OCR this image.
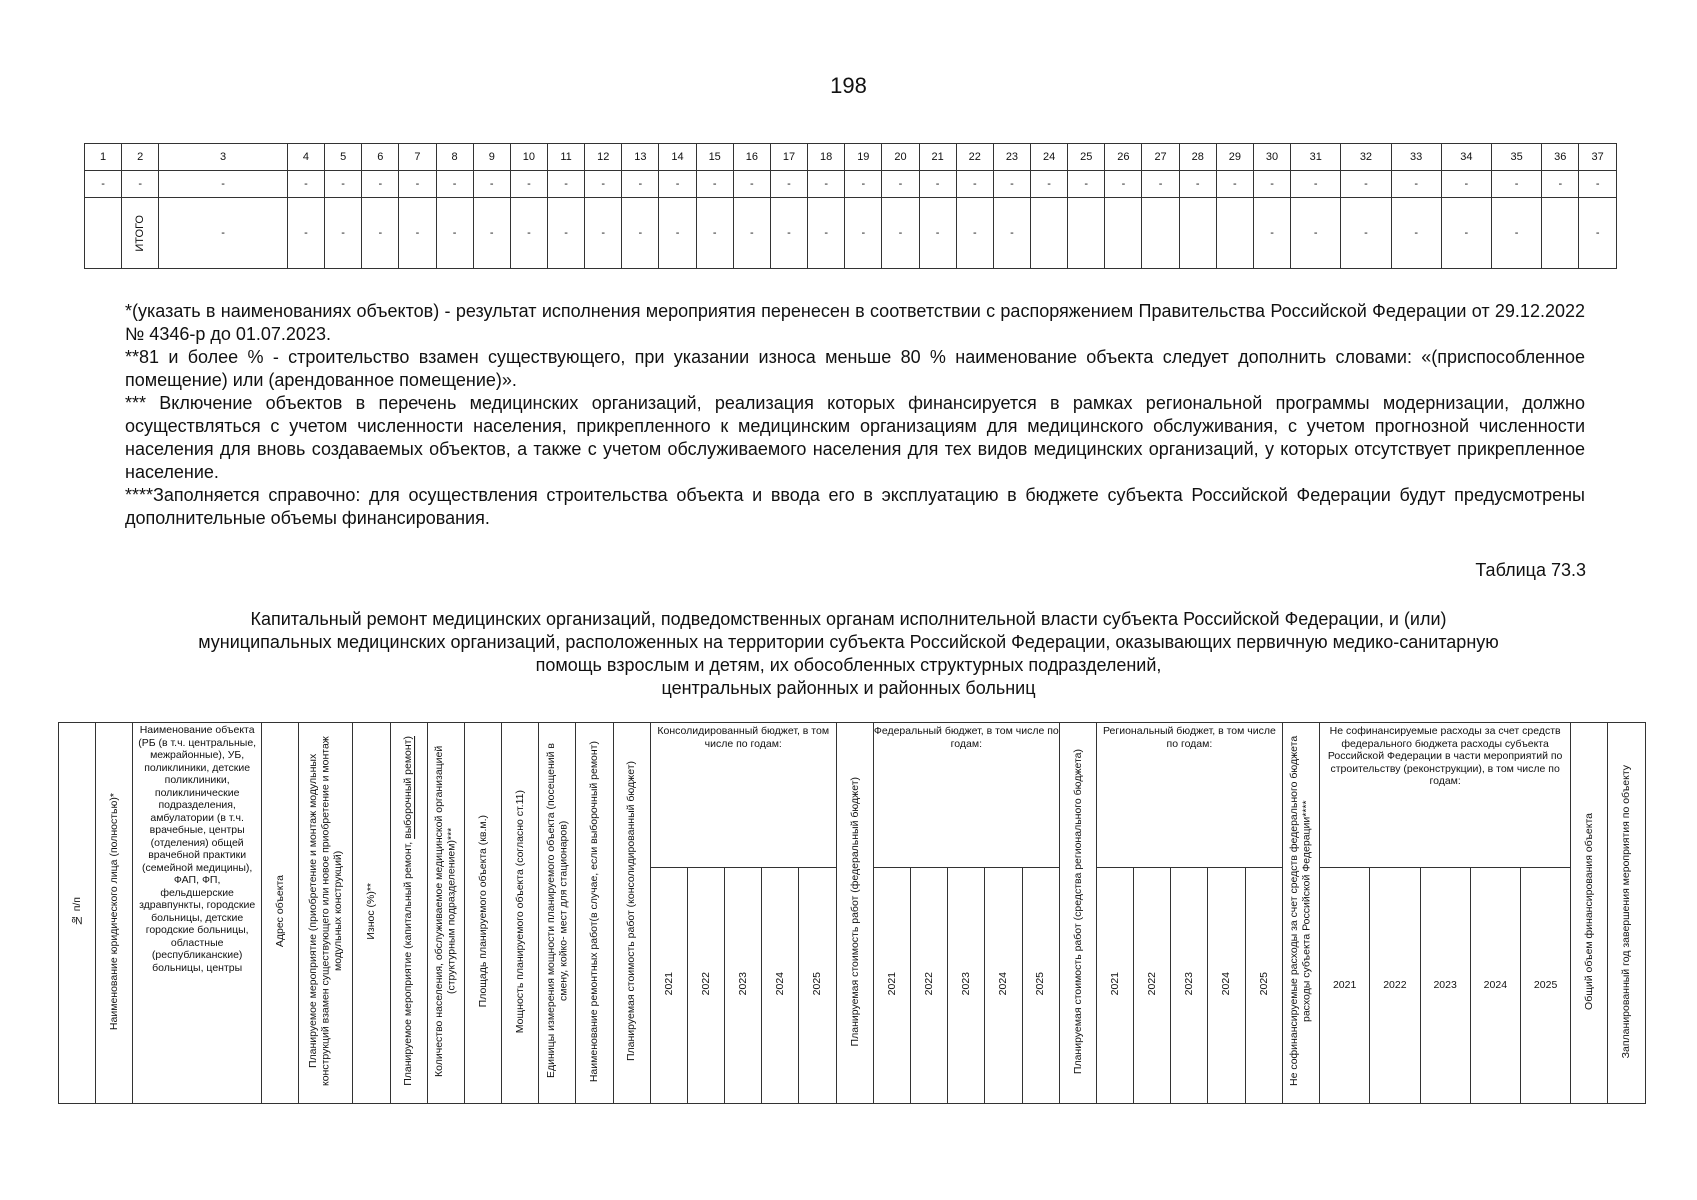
198
1	2	3	4	5	6	7	8	9	10	11	12	13	14	15	16	17	18	19	20	21	22	23	24	25	26	27	28	29	30	31	32	33	34	35	36	37
-	-	-	-	-	-	-	-	-	-	-	-	-	-	-	-	-	-	-	-	-	-	-	-	-	-	-	-	-	-	-	-	-	-	-	-	-

	ИТОГО	-	-	-	-	-	-	-	-	-	-	-	-	-	-	-	-	-	-	-	-	-							-	-	-	-	-	-		-

*(указать в наименованиях объектов) - результат исполнения мероприятия перенесен в соответствии с распоряжением Правительства Российской Федерации от 29.12.2022 № 4346-р до 01.07.2023.

**81 и более % - строительство взамен существующего, при указании износа меньше 80 % наименование объекта следует дополнить словами: «(приспособленное помещение) или (арендованное помещение)».

*** Включение объектов в перечень медицинских организаций, реализация которых финансируется в рамках региональной программы модернизации, должно осуществляться с учетом численности населения, прикрепленного к медицинским организациям для медицинского обслуживания, с учетом прогнозной численности населения для вновь создаваемых объектов, а также с учетом обслуживаемого населения для тех видов медицинских организаций, у которых отсутствует прикрепленное население.

****Заполняется справочно: для осуществления строительства объекта и ввода его в эксплуатацию в бюджете субъекта Российской Федерации будут предусмотрены дополнительные объемы финансирования.

Таблица 73.3
Капитальный ремонт медицинских организаций, подведомственных органам исполнительной власти субъекта Российской Федерации, и (или)
муниципальных медицинских организаций, расположенных на территории субъекта Российской Федерации, оказывающих первичную медико-санитарную
помощь взрослым и детям, их обособленных структурных подразделений,
центральных районных и районных больниц
№ п/п	Наименование юридического лица (полностью)*	Наименование объекта (РБ (в т.ч. центральные, межрайонные), УБ, поликлиники, детские поликлиники, поликлинические подразделения, амбулатории (в т.ч. врачебные, центры (отделения) общей врачебной практики (семейной медицины), ФАП, ФП, фельдшерские здравпункты, городские больницы, детские городские больницы, областные (республиканские) больницы, центры	Адрес объекта	Планируемое мероприятие (приобретение и монтаж модульных конструкций взамен существующего или новое приобретение и монтаж модульных конструкций)	Износ (%)**	Планируемое мероприятие (капитальный ремонт, выборочный ремонт)	Количество населения, обслуживаемое медицинской организацией (структурным подразделением)***	Площадь планируемого объекта (кв.м.)	Мощность планируемого объекта (согласно ст.11)	Единицы измерения мощности планируемого объекта (посещений в смену, койко- мест для стационаров)	Наименование ремонтных работ(в случае, если выборочный ремонт)	Планируемая стоимость работ (консолидированный бюджет)	Консолидированный бюджет, в том числе по годам:					Планируемая стоимость работ (федеральный бюджет)	Федеральный бюджет, в том числе по годам:					Планируемая стоимость работ (средства регионального бюджета)	Региональный бюджет, в том числе по годам:					Не софинансируемые расходы за счет средств федерального бюджета расходы субъекта Российской Федерации****	Не софинансируемые расходы за счет средств федерального бюджета расходы субъекта Российской Федерации в части мероприятий по строительству (реконструкции), в том числе по годам:					Общий объем финансирования объекта	Запланированный год завершения мероприятия по объекту
													2021	2022	2023	2024	2025		2021	2022	2023	2024	2025		2021	2022	2023	2024	2025		2021	2022	2023	2024	2025		
